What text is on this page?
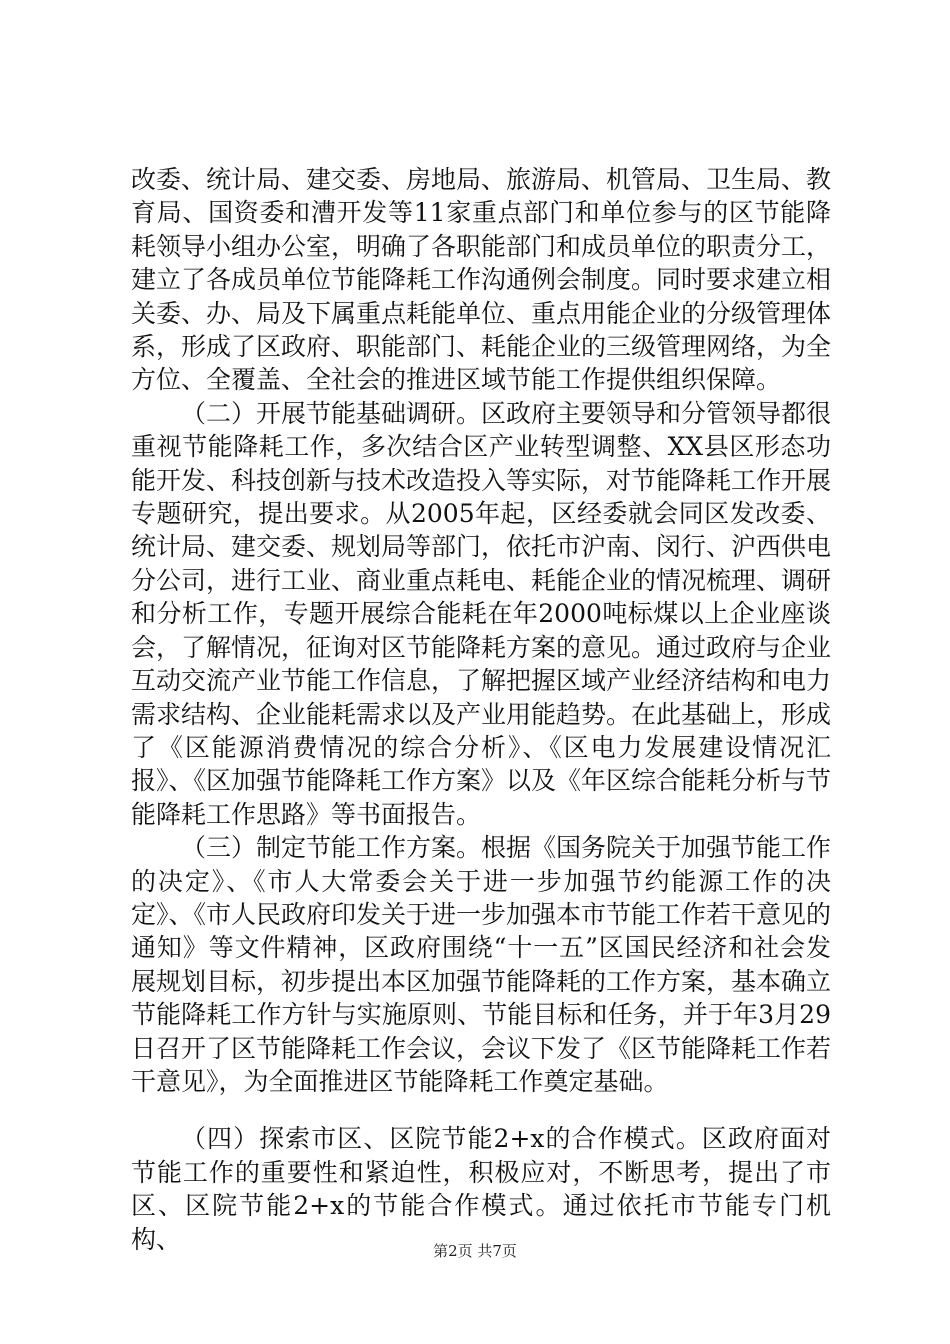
改委、统计局、建交委、房地局、旅游局、机管局、卫生局、教育局、国资委和漕开发等11家重点部门和单位参与的区节能降耗领导小组办公室，明确了各职能部门和成员单位的职责分工，建立了各成员单位节能降耗工作沟通例会制度。同时要求建立相关委、办、局及下属重点耗能单位、重点用能企业的分级管理体系，形成了区政府、职能部门、耗能企业的三级管理网络，为全方位、全覆盖、全社会的推进区域节能工作提供组织保障。

（二）开展节能基础调研。区政府主要领导和分管领导都很重视节能降耗工作，多次结合区产业转型调整、XX县区形态功能开发、科技创新与技术改造投入等实际，对节能降耗工作开展专题研究，提出要求。从2005年起，区经委就会同区发改委、统计局、建交委、规划局等部门，依托市沪南、闵行、沪西供电分公司，进行工业、商业重点耗电、耗能企业的情况梳理、调研和分析工作，专题开展综合能耗在年2000吨标煤以上企业座谈会，了解情况，征询对区节能降耗方案的意见。通过政府与企业互动交流产业节能工作信息，了解把握区域产业经济结构和电力需求结构、企业能耗需求以及产业用能趋势。在此基础上，形成了《区能源消费情况的综合分析》、《区电力发展建设情况汇报》、《区加强节能降耗工作方案》以及《年区综合能耗分析与节能降耗工作思路》等书面报告。

（三）制定节能工作方案。根据《国务院关于加强节能工作的决定》、《市人大常委会关于进一步加强节约能源工作的决定》、《市人民政府印发关于进一步加强本市节能工作若干意见的通知》等文件精神，区政府围绕“十一五”区国民经济和社会发展规划目标，初步提出本区加强节能降耗的工作方案，基本确立节能降耗工作方针与实施原则、节能目标和任务，并于年3月29日召开了区节能降耗工作会议，会议下发了《区节能降耗工作若干意见》，为全面推进区节能降耗工作奠定基础。

（四）探索市区、区院节能2+x的合作模式。区政府面对节能工作的重要性和紧迫性，积极应对，不断思考，提出了市区、区院节能2+x的节能合作模式。通过依托市节能专门机构、	第2页 共7页
